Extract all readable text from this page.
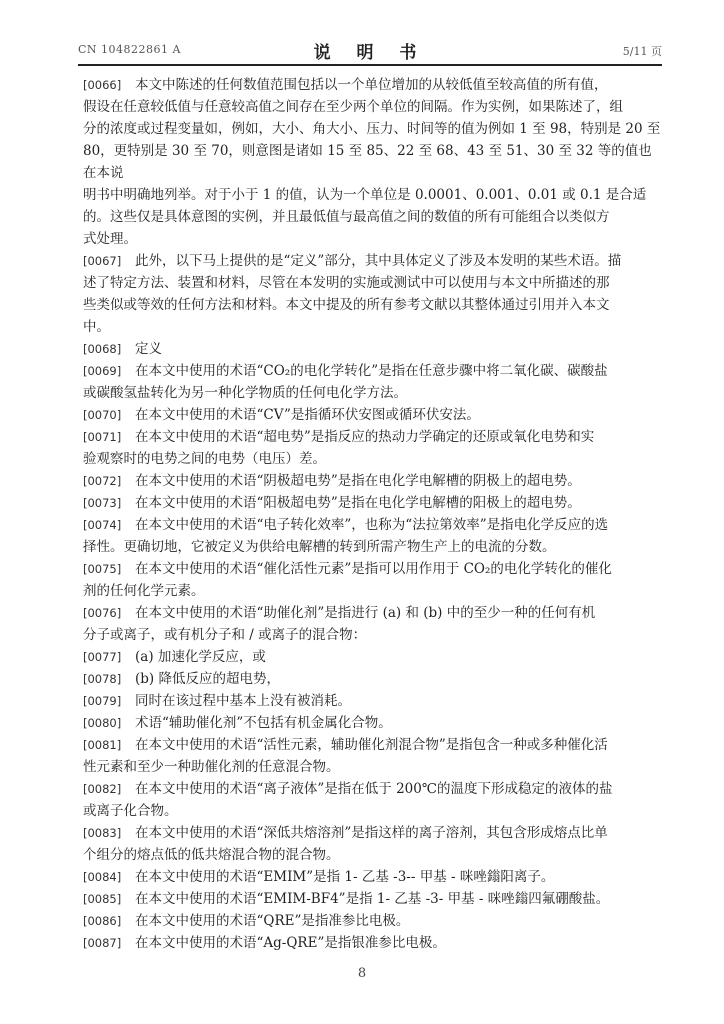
CN 104822861 A	说 明 书	5/11 页
[0066] 本文中陈述的任何数值范围包括以一个单位增加的从较低值至较高值的所有值，
假设在任意较低值与任意较高值之间存在至少两个单位的间隔。作为实例，如果陈述了，组
分的浓度或过程变量如，例如，大小、角大小、压力、时间等的值为例如 1 至 98，特别是 20 至
80，更特别是 30 至 70，则意图是诸如 15 至 85、22 至 68、43 至 51、30 至 32 等的值也在本说
明书中明确地列举。对于小于 1 的值，认为一个单位是 0.0001、0.001、0.01 或 0.1 是合适
的。这些仅是具体意图的实例，并且最低值与最高值之间的数值的所有可能组合以类似方
式处理。
[0067] 此外，以下马上提供的是“定义”部分，其中具体定义了涉及本发明的某些术语。描
述了特定方法、装置和材料，尽管在本发明的实施或测试中可以使用与本文中所描述的那
些类似或等效的任何方法和材料。本文中提及的所有参考文献以其整体通过引用并入本文
中。
[0068] 定义
[0069] 在本文中使用的术语“CO₂的电化学转化”是指在任意步骤中将二氧化碳、碳酸盐
或碳酸氢盐转化为另一种化学物质的任何电化学方法。
[0070] 在本文中使用的术语“CV”是指循环伏安图或循环伏安法。
[0071] 在本文中使用的术语“超电势”是指反应的热动力学确定的还原或氧化电势和实
验观察时的电势之间的电势（电压）差。
[0072] 在本文中使用的术语“阴极超电势”是指在电化学电解槽的阴极上的超电势。
[0073] 在本文中使用的术语“阳极超电势”是指在电化学电解槽的阳极上的超电势。
[0074] 在本文中使用的术语“电子转化效率”，也称为“法拉第效率”是指电化学反应的选
择性。更确切地，它被定义为供给电解槽的转到所需产物生产上的电流的分数。
[0075] 在本文中使用的术语“催化活性元素”是指可以用作用于 CO₂的电化学转化的催化
剂的任何化学元素。
[0076] 在本文中使用的术语“助催化剂”是指进行 (a) 和 (b) 中的至少一种的任何有机
分子或离子，或有机分子和 / 或离子的混合物：
[0077] (a) 加速化学反应，或
[0078] (b) 降低反应的超电势，
[0079] 同时在该过程中基本上没有被消耗。
[0080] 术语“辅助催化剂”不包括有机金属化合物。
[0081] 在本文中使用的术语“活性元素，辅助催化剂混合物”是指包含一种或多种催化活
性元素和至少一种助催化剂的任意混合物。
[0082] 在本文中使用的术语“离子液体”是指在低于 200℃的温度下形成稳定的液体的盐
或离子化合物。
[0083] 在本文中使用的术语“深低共熔溶剂”是指这样的离子溶剂，其包含形成熔点比单
个组分的熔点低的低共熔混合物的混合物。
[0084] 在本文中使用的术语“EMIM”是指 1- 乙基 -3-- 甲基 - 咪唑鎓阳离子。
[0085] 在本文中使用的术语“EMIM-BF4”是指 1- 乙基 -3- 甲基 - 咪唑鎓四氟硼酸盐。
[0086] 在本文中使用的术语“QRE”是指准参比电极。
[0087] 在本文中使用的术语“Ag-QRE”是指银准参比电极。
8
